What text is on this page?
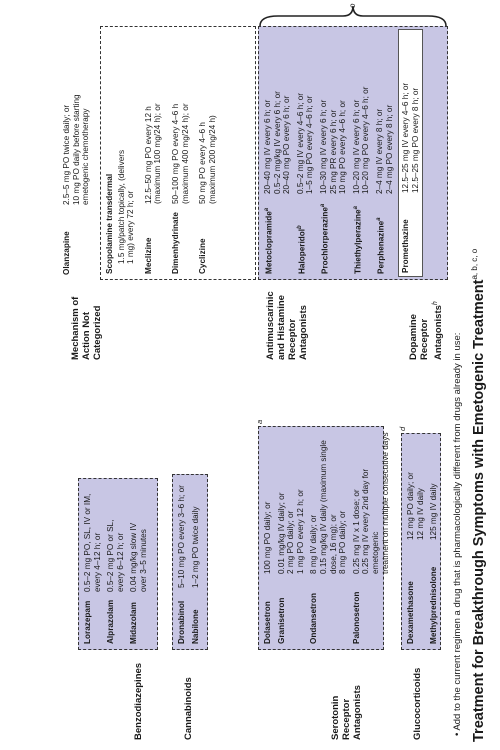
Treatment for Breakthrough Symptoms with Emetogenic Treatment$^{a, b, c, o}$
• Add to the current regimen a drug that is pharmacologically different from drugs already in use:
Glucocorticoids
Dexamethasone
12 mg PO daily; or
12 mg IV daily
Methylprednisolone
125 mg IV daily
d
Serotonin
Receptor
Antagonists
Dolasetron
100 mg PO daily; or
Granisetron
0.01 mg/kg IV daily; or
2 mg PO daily; or
1 mg PO every 12 h; or
Ondansetron
8 mg IV daily; or
0.15 mg/kg IV daily (maximum single
dose, 16 mg); or
8 mg PO daily; or
Palonosetron
0.25 mg IV x 1 dose; or
0.25 mg IV every 2nd day for emetogenic
treatment on multiple consecutive days
a
Cannabinoids
Dronabinol
5–10 mg PO every 3–6 h; or
Nabilone
1–2 mg PO twice daily
Benzodiazepines
Lorazepam
0.5–2 mg PO, SL, IV or IM,
every 4–12 h; or
Alprazolam
0.5–2 mg PO or SL,
every 6–12 h; or
Midazolam
0.04 mg/kg slow IV
over 3–5 minutes
Dopamine
Receptor
Antagonists$^h$
o
Metoclopramide$^a$
20–40 mg IV every 6 h; or
0.5–2 mg/kg IV every 6 h; or
20–40 mg PO every 6 h; or
Haloperidol$^b$
0.5–2 mg IV every 4–6 h; or
1–5 mg PO every 4–6 h; or
Prochlorperazine$^a$
10–30 mg IV every 6 h; or
25 mg PR every 6 h; or
10 mg PO every 4–6 h; or
Thiethylperazine$^a$
10–20 mg IV every 6 h; or
10–20 mg PO every 4–6 h; or
Perphenazine$^a$
2–4 mg IV every 8 h; or
2–4 mg PO every 8 h; or
Promethazine
12.5–25 mg IV every 4–6 h; or
12.5–25 mg PO every 8 h; or
Antimuscarinic
and Histamine
Receptor
Antagonists
Scopolamine transdermal 1.5 mg/patch topically, (delivers
1 mg) every 72 h; or
Meclizine
12.5–50 mg PO every 12 h
(maximum 100 mg/24 h); or
Dimenhydrinate
50–100 mg PO every 4–6 h
(maximum 400 mg/24 h); or
Cyclizine
50 mg PO every 4–6 h
(maximum 200 mg/24 h)
Mechanism of
Action Not
Categorized
Olanzapine
2.5–5 mg PO twice daily; or
10 mg PO daily before starting
emetogenic chemotherapy
